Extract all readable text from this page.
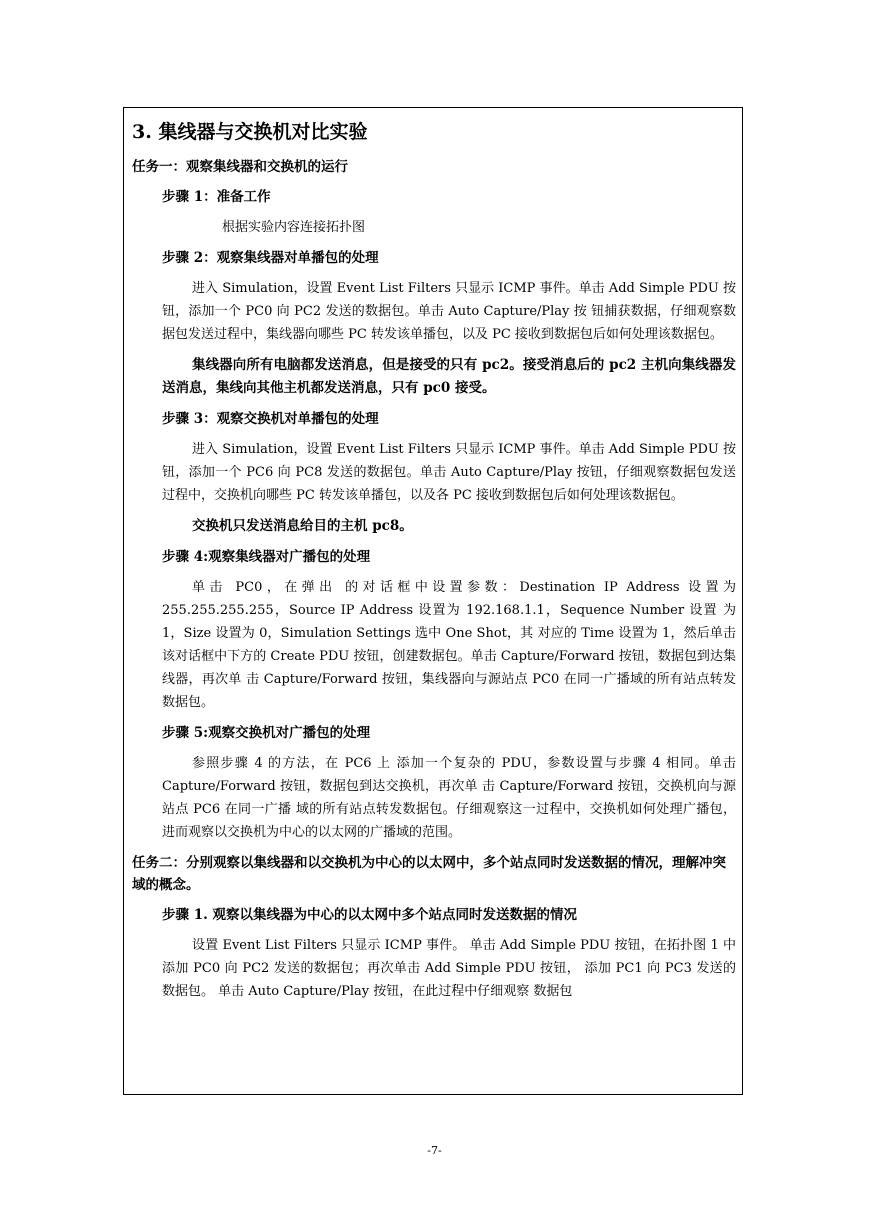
3. 集线器与交换机对比实验
任务一：观察集线器和交换机的运行
步骤 1：准备工作
根据实验内容连接拓扑图
步骤 2：观察集线器对单播包的处理
进入 Simulation，设置 Event List Filters 只显示 ICMP 事件。单击 Add Simple PDU 按钮，添加一个 PC0 向 PC2 发送的数据包。单击 Auto Capture/Play 按 钮捕获数据，仔细观察数据包发送过程中，集线器向哪些 PC 转发该单播包，以及 PC 接收到数据包后如何处理该数据包。
集线器向所有电脑都发送消息，但是接受的只有 pc2。接受消息后的 pc2 主机向集线器发送消息，集线向其他主机都发送消息，只有 pc0 接受。
步骤 3：观察交换机对单播包的处理
进入 Simulation，设置 Event List Filters 只显示 ICMP 事件。单击 Add Simple PDU 按钮，添加一个 PC6 向 PC8 发送的数据包。单击 Auto Capture/Play 按钮，仔细观察数据包发送 过程中，交换机向哪些 PC 转发该单播包，以及各 PC 接收到数据包后如何处理该数据包。
交换机只发送消息给目的主机 pc8。
步骤 4:观察集线器对广播包的处理
单击 PC0，在弹出 的对话框中设置参数：Destination IP Address 设置为 255.255.255.255，Source IP Address 设置为 192.168.1.1，Sequence Number 设置 为 1，Size 设置为 0，Simulation Settings 选中 One Shot，其 对应的 Time 设置为 1，然后单击该对话框中下方的 Create PDU 按钮，创建数据包。单击 Capture/Forward 按钮，数据包到达集线器，再次单 击 Capture/Forward 按钮，集线器向与源站点 PC0 在同一广播域的所有站点转发数据包。
步骤 5:观察交换机对广播包的处理
参照步骤 4 的方法，在 PC6 上 添加一个复杂的 PDU，参数设置与步骤 4 相同。单击 Capture/Forward 按钮，数据包到达交换机，再次单 击 Capture/Forward 按钮，交换机向与源站点 PC6 在同一广播 域的所有站点转发数据包。仔细观察这一过程中，交换机如何处理广播包， 进而观察以交换机为中心的以太网的广播域的范围。
任务二：分别观察以集线器和以交换机为中心的以太网中，多个站点同时发送数据的情况，理解冲突域的概念。
步骤 1. 观察以集线器为中心的以太网中多个站点同时发送数据的情况
设置 Event List Filters 只显示 ICMP 事件。 单击 Add Simple PDU 按钮，在拓扑图 1 中添加 PC0 向 PC2 发送的数据包；再次单击 Add Simple PDU 按钮， 添加 PC1 向 PC3 发送的数据包。 单击 Auto Capture/Play 按钮，在此过程中仔细观察 数据包
-7-
